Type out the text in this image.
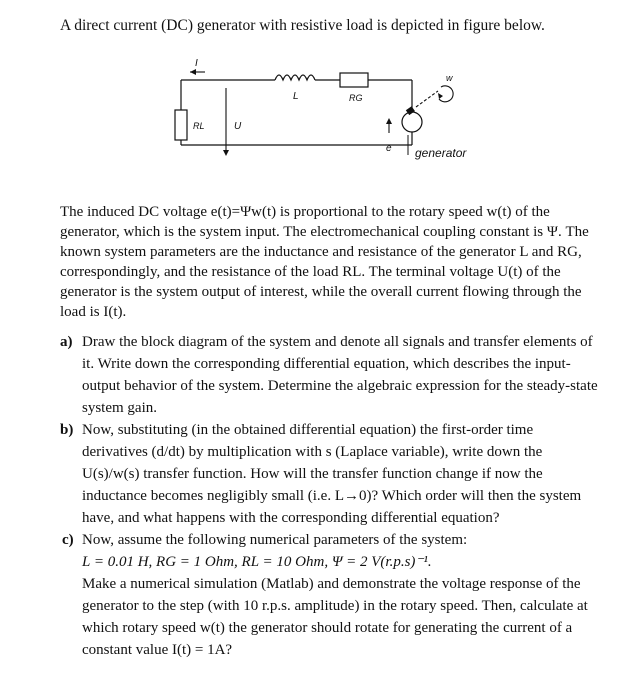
A direct current (DC) generator with resistive load is depicted in figure below.
I
L	RG
RL	U
e
w
generator

The induced DC voltage e(t)=Ψw(t) is proportional to the rotary speed w(t) of the generator, which is the system input. The electromechanical coupling constant is Ψ. The known system parameters are the inductance and resistance of the generator L and RG, correspondingly, and the resistance of the load RL. The terminal voltage U(t) of the generator is the system output of interest, while the overall current flowing through the load is I(t).

a) Draw the block diagram of the system and denote all signals and transfer elements of it. Write down the corresponding differential equation, which describes the input-output behavior of the system. Determine the algebraic expression for the steady-state system gain.
b) Now, substituting (in the obtained differential equation) the first-order time derivatives (d/dt) by multiplication with s (Laplace variable), write down the U(s)/w(s) transfer function. How will the transfer function change if now the inductance becomes negligibly small (i.e. L→0)? Which order will then the system have, and what happens with the corresponding differential equation?
c) Now, assume the following numerical parameters of the system:
L = 0.01 H, RG = 1 Ohm, RL = 10 Ohm, Ψ = 2 V(r.p.s)⁻¹.
Make a numerical simulation (Matlab) and demonstrate the voltage response of the generator to the step (with 10 r.p.s. amplitude) in the rotary speed. Then, calculate at which rotary speed w(t) the generator should rotate for generating the current of a constant value I(t) = 1A?
